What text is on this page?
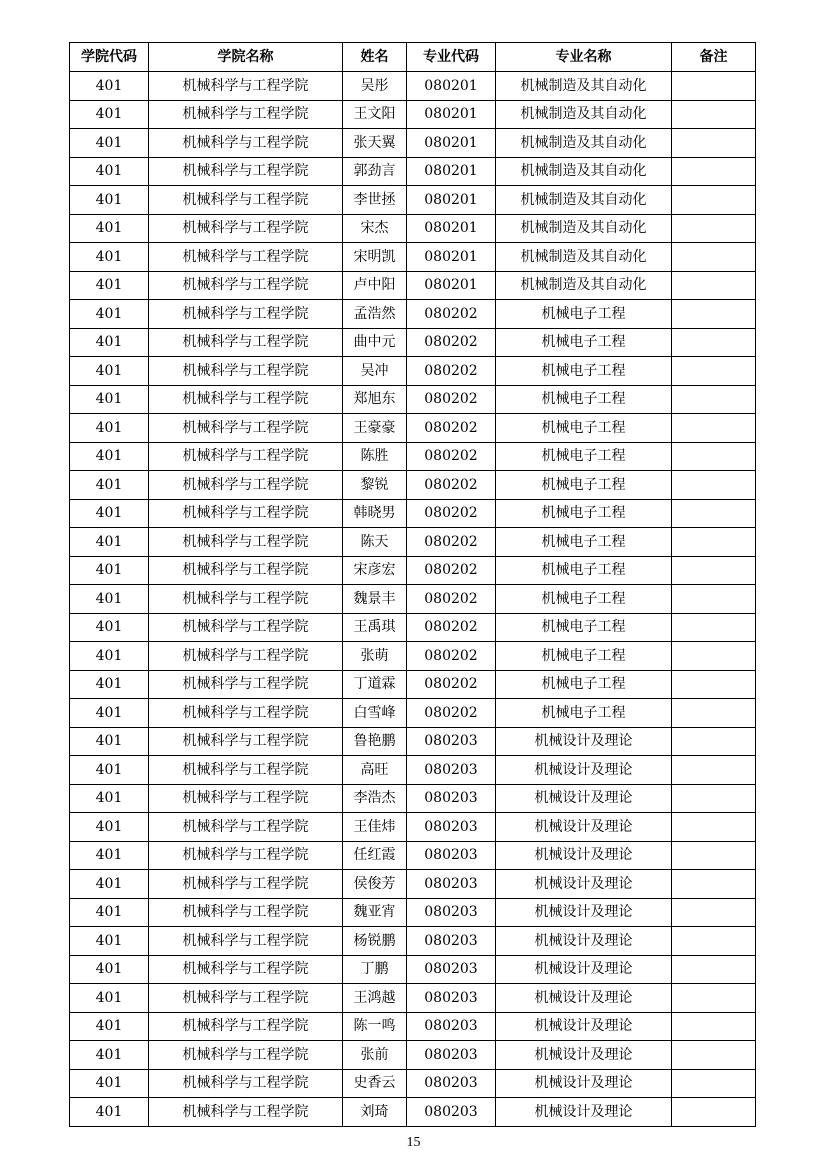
学院代码	学院名称	姓名	专业代码	专业名称	备注
401	机械科学与工程学院	吴彤	080201	机械制造及其自动化	
401	机械科学与工程学院	王文阳	080201	机械制造及其自动化	
401	机械科学与工程学院	张天翼	080201	机械制造及其自动化	
401	机械科学与工程学院	郭劲言	080201	机械制造及其自动化	
401	机械科学与工程学院	李世拯	080201	机械制造及其自动化	
401	机械科学与工程学院	宋杰	080201	机械制造及其自动化	
401	机械科学与工程学院	宋明凯	080201	机械制造及其自动化	
401	机械科学与工程学院	卢中阳	080201	机械制造及其自动化	
401	机械科学与工程学院	孟浩然	080202	机械电子工程	
401	机械科学与工程学院	曲中元	080202	机械电子工程	
401	机械科学与工程学院	吴冲	080202	机械电子工程	
401	机械科学与工程学院	郑旭东	080202	机械电子工程	
401	机械科学与工程学院	王豪豪	080202	机械电子工程	
401	机械科学与工程学院	陈胜	080202	机械电子工程	
401	机械科学与工程学院	黎锐	080202	机械电子工程	
401	机械科学与工程学院	韩晓男	080202	机械电子工程	
401	机械科学与工程学院	陈天	080202	机械电子工程	
401	机械科学与工程学院	宋彦宏	080202	机械电子工程	
401	机械科学与工程学院	魏景丰	080202	机械电子工程	
401	机械科学与工程学院	王禹琪	080202	机械电子工程	
401	机械科学与工程学院	张萌	080202	机械电子工程	
401	机械科学与工程学院	丁道霖	080202	机械电子工程	
401	机械科学与工程学院	白雪峰	080202	机械电子工程	
401	机械科学与工程学院	鲁艳鹏	080203	机械设计及理论	
401	机械科学与工程学院	高旺	080203	机械设计及理论	
401	机械科学与工程学院	李浩杰	080203	机械设计及理论	
401	机械科学与工程学院	王佳炜	080203	机械设计及理论	
401	机械科学与工程学院	任红霞	080203	机械设计及理论	
401	机械科学与工程学院	侯俊芳	080203	机械设计及理论	
401	机械科学与工程学院	魏亚宵	080203	机械设计及理论	
401	机械科学与工程学院	杨锐鹏	080203	机械设计及理论	
401	机械科学与工程学院	丁鹏	080203	机械设计及理论	
401	机械科学与工程学院	王鸿越	080203	机械设计及理论	
401	机械科学与工程学院	陈一鸣	080203	机械设计及理论	
401	机械科学与工程学院	张前	080203	机械设计及理论	
401	机械科学与工程学院	史香云	080203	机械设计及理论	
401	机械科学与工程学院	刘琦	080203	机械设计及理论	
15
